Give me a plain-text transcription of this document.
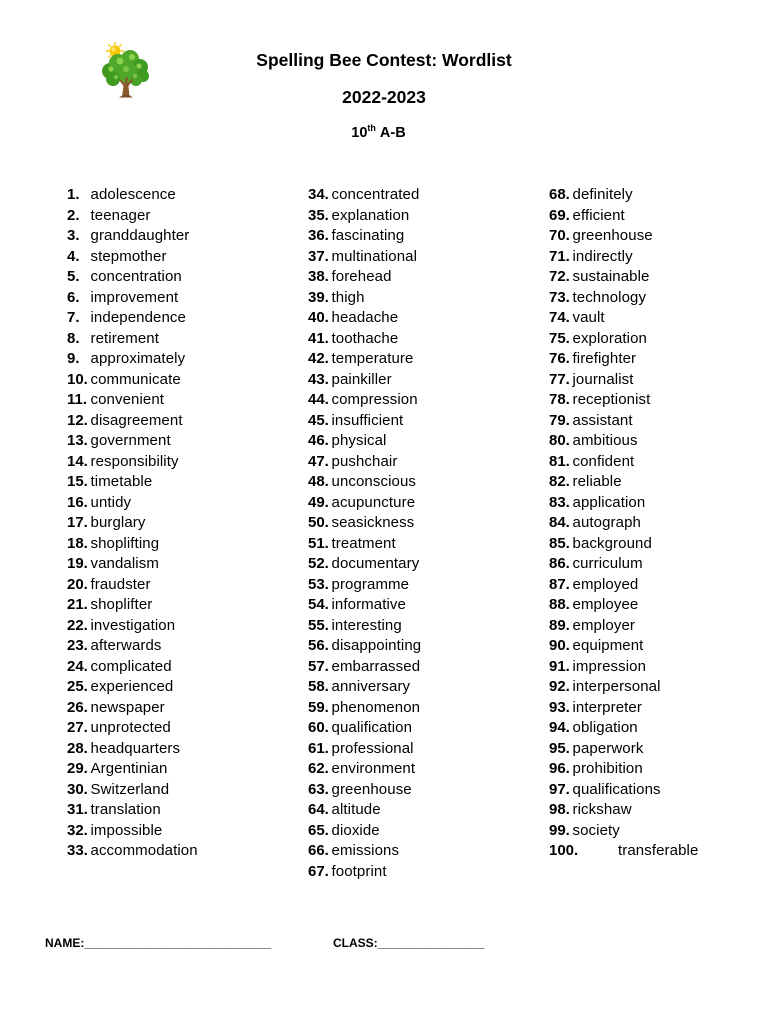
Spelling Bee Contest: Wordlist
2022-2023
10th A-B
1. adolescence
2. teenager
3. granddaughter
4. stepmother
5. concentration
6. improvement
7. independence
8. retirement
9. approximately
10. communicate
11. convenient
12. disagreement
13. government
14. responsibility
15. timetable
16. untidy
17. burglary
18. shoplifting
19. vandalism
20. fraudster
21. shoplifter
22. investigation
23. afterwards
24. complicated
25. experienced
26. newspaper
27. unprotected
28. headquarters
29. Argentinian
30. Switzerland
31. translation
32. impossible
33. accommodation
34. concentrated
35. explanation
36. fascinating
37. multinational
38. forehead
39. thigh
40. headache
41. toothache
42. temperature
43. painkiller
44. compression
45. insufficient
46. physical
47. pushchair
48. unconscious
49. acupuncture
50. seasickness
51. treatment
52. documentary
53. programme
54. informative
55. interesting
56. disappointing
57. embarrassed
58. anniversary
59. phenomenon
60. qualification
61. professional
62. environment
63. greenhouse
64. altitude
65. dioxide
66. emissions
67. footprint
68. definitely
69. efficient
70. greenhouse
71. indirectly
72. sustainable
73. technology
74. vault
75. exploration
76. firefighter
77. journalist
78. receptionist
79. assistant
80. ambitious
81. confident
82. reliable
83. application
84. autograph
85. background
86. curriculum
87. employed
88. employee
89. employer
90. equipment
91. impression
92. interpersonal
93. interpreter
94. obligation
95. paperwork
96. prohibition
97. qualifications
98. rickshaw
99. society
100.	transferable
NAME:____________________________	CLASS:________________
